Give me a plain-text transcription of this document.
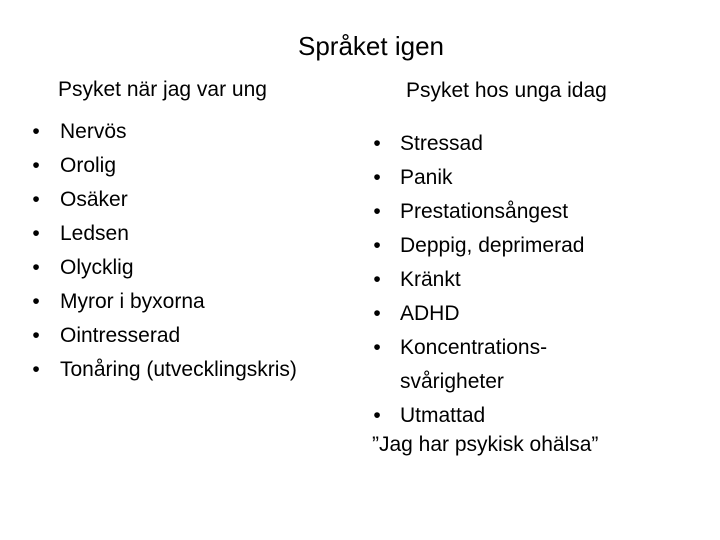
Språket igen
Psyket när jag var ung
• Nervös
• Orolig
• Osäker
• Ledsen
• Olycklig
• Myror i byxorna
• Ointresserad
• Tonåring (utvecklingskris)
Psyket hos unga idag
• Stressad
• Panik
• Prestationsångest
• Deppig, deprimerad
• Kränkt
• ADHD
• Koncentrations-
svårigheter
• Utmattad
”Jag har psykisk ohälsa”
